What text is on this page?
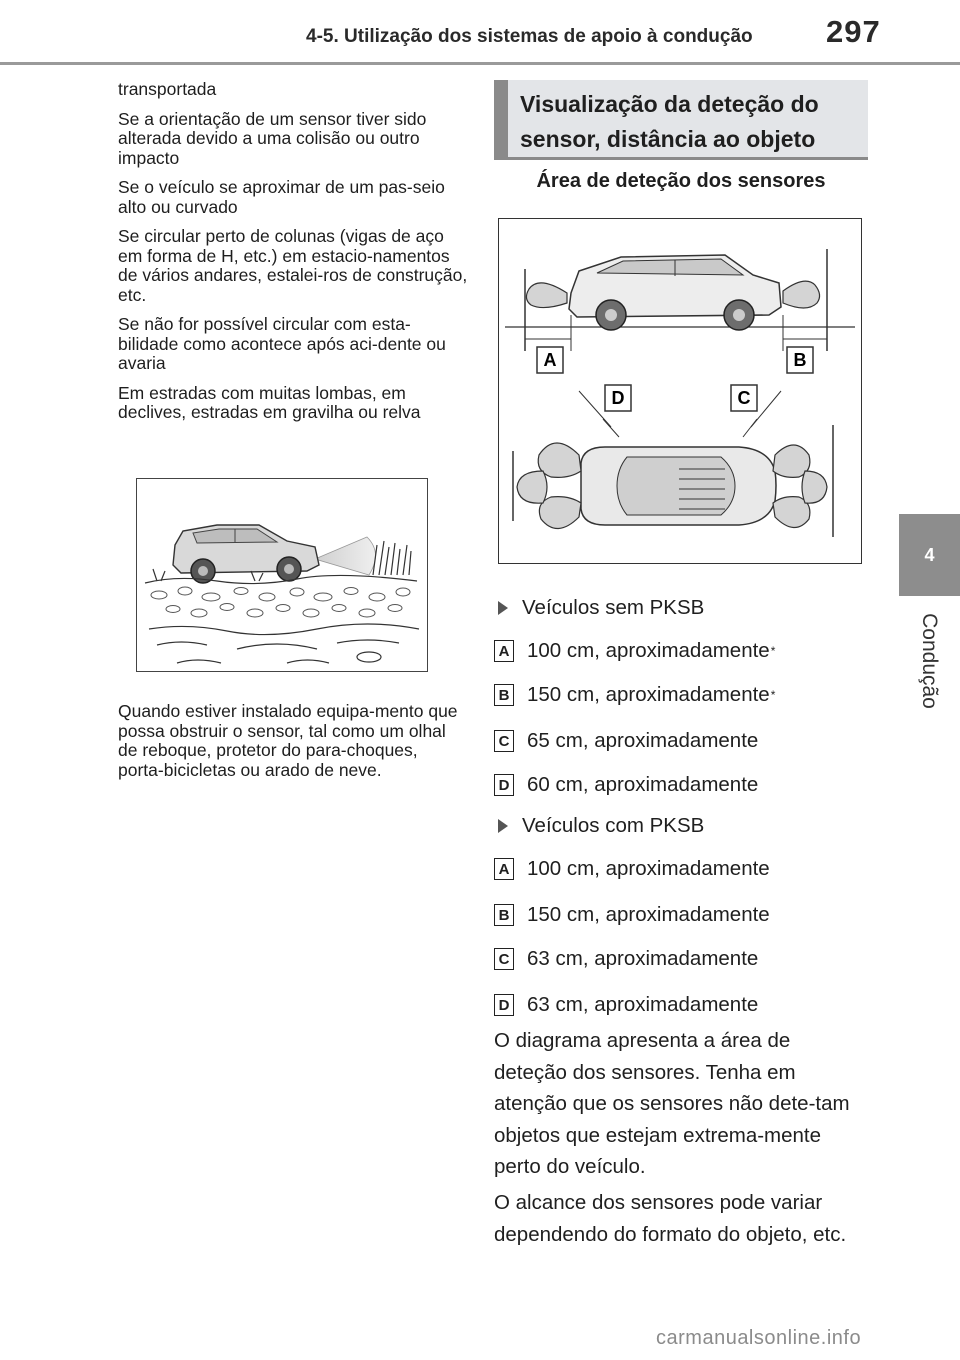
4-5. Utilização dos sistemas de apoio à condução 297
4
Condução

transportada

Se a orientação de um sensor tiver sido alterada devido a uma colisão ou outro impacto

Se o veículo se aproximar de um pas-seio alto ou curvado

Se circular perto de colunas (vigas de aço em forma de H, etc.) em estacio-namentos de vários andares, estalei-ros de construção, etc.

Se não for possível circular com esta-bilidade como acontece após aci-dente ou avaria

Em estradas com muitas lombas, em declives, estradas em gravilha ou relva

Quando estiver instalado equipa-mento que possa obstruir o sensor, tal como um olhal de reboque, protetor do para-choques, porta-bicicletas ou arado de neve.
Visualização da deteção do sensor, distância ao objeto
Área de deteção dos sensores
A	B
D	C
Veículos sem PKSB
A 100 cm, aproximadamente *
B 150 cm, aproximadamente *
C 65 cm, aproximadamente
D 60 cm, aproximadamente
Veículos com PKSB
A 100 cm, aproximadamente
B 150 cm, aproximadamente
C 63 cm, aproximadamente
D 63 cm, aproximadamente

O diagrama apresenta a área de deteção dos sensores. Tenha em atenção que os sensores não dete-tam objetos que estejam extrema-mente perto do veículo.

O alcance dos sensores pode variar dependendo do formato do objeto, etc.

carmanualsonline.info
